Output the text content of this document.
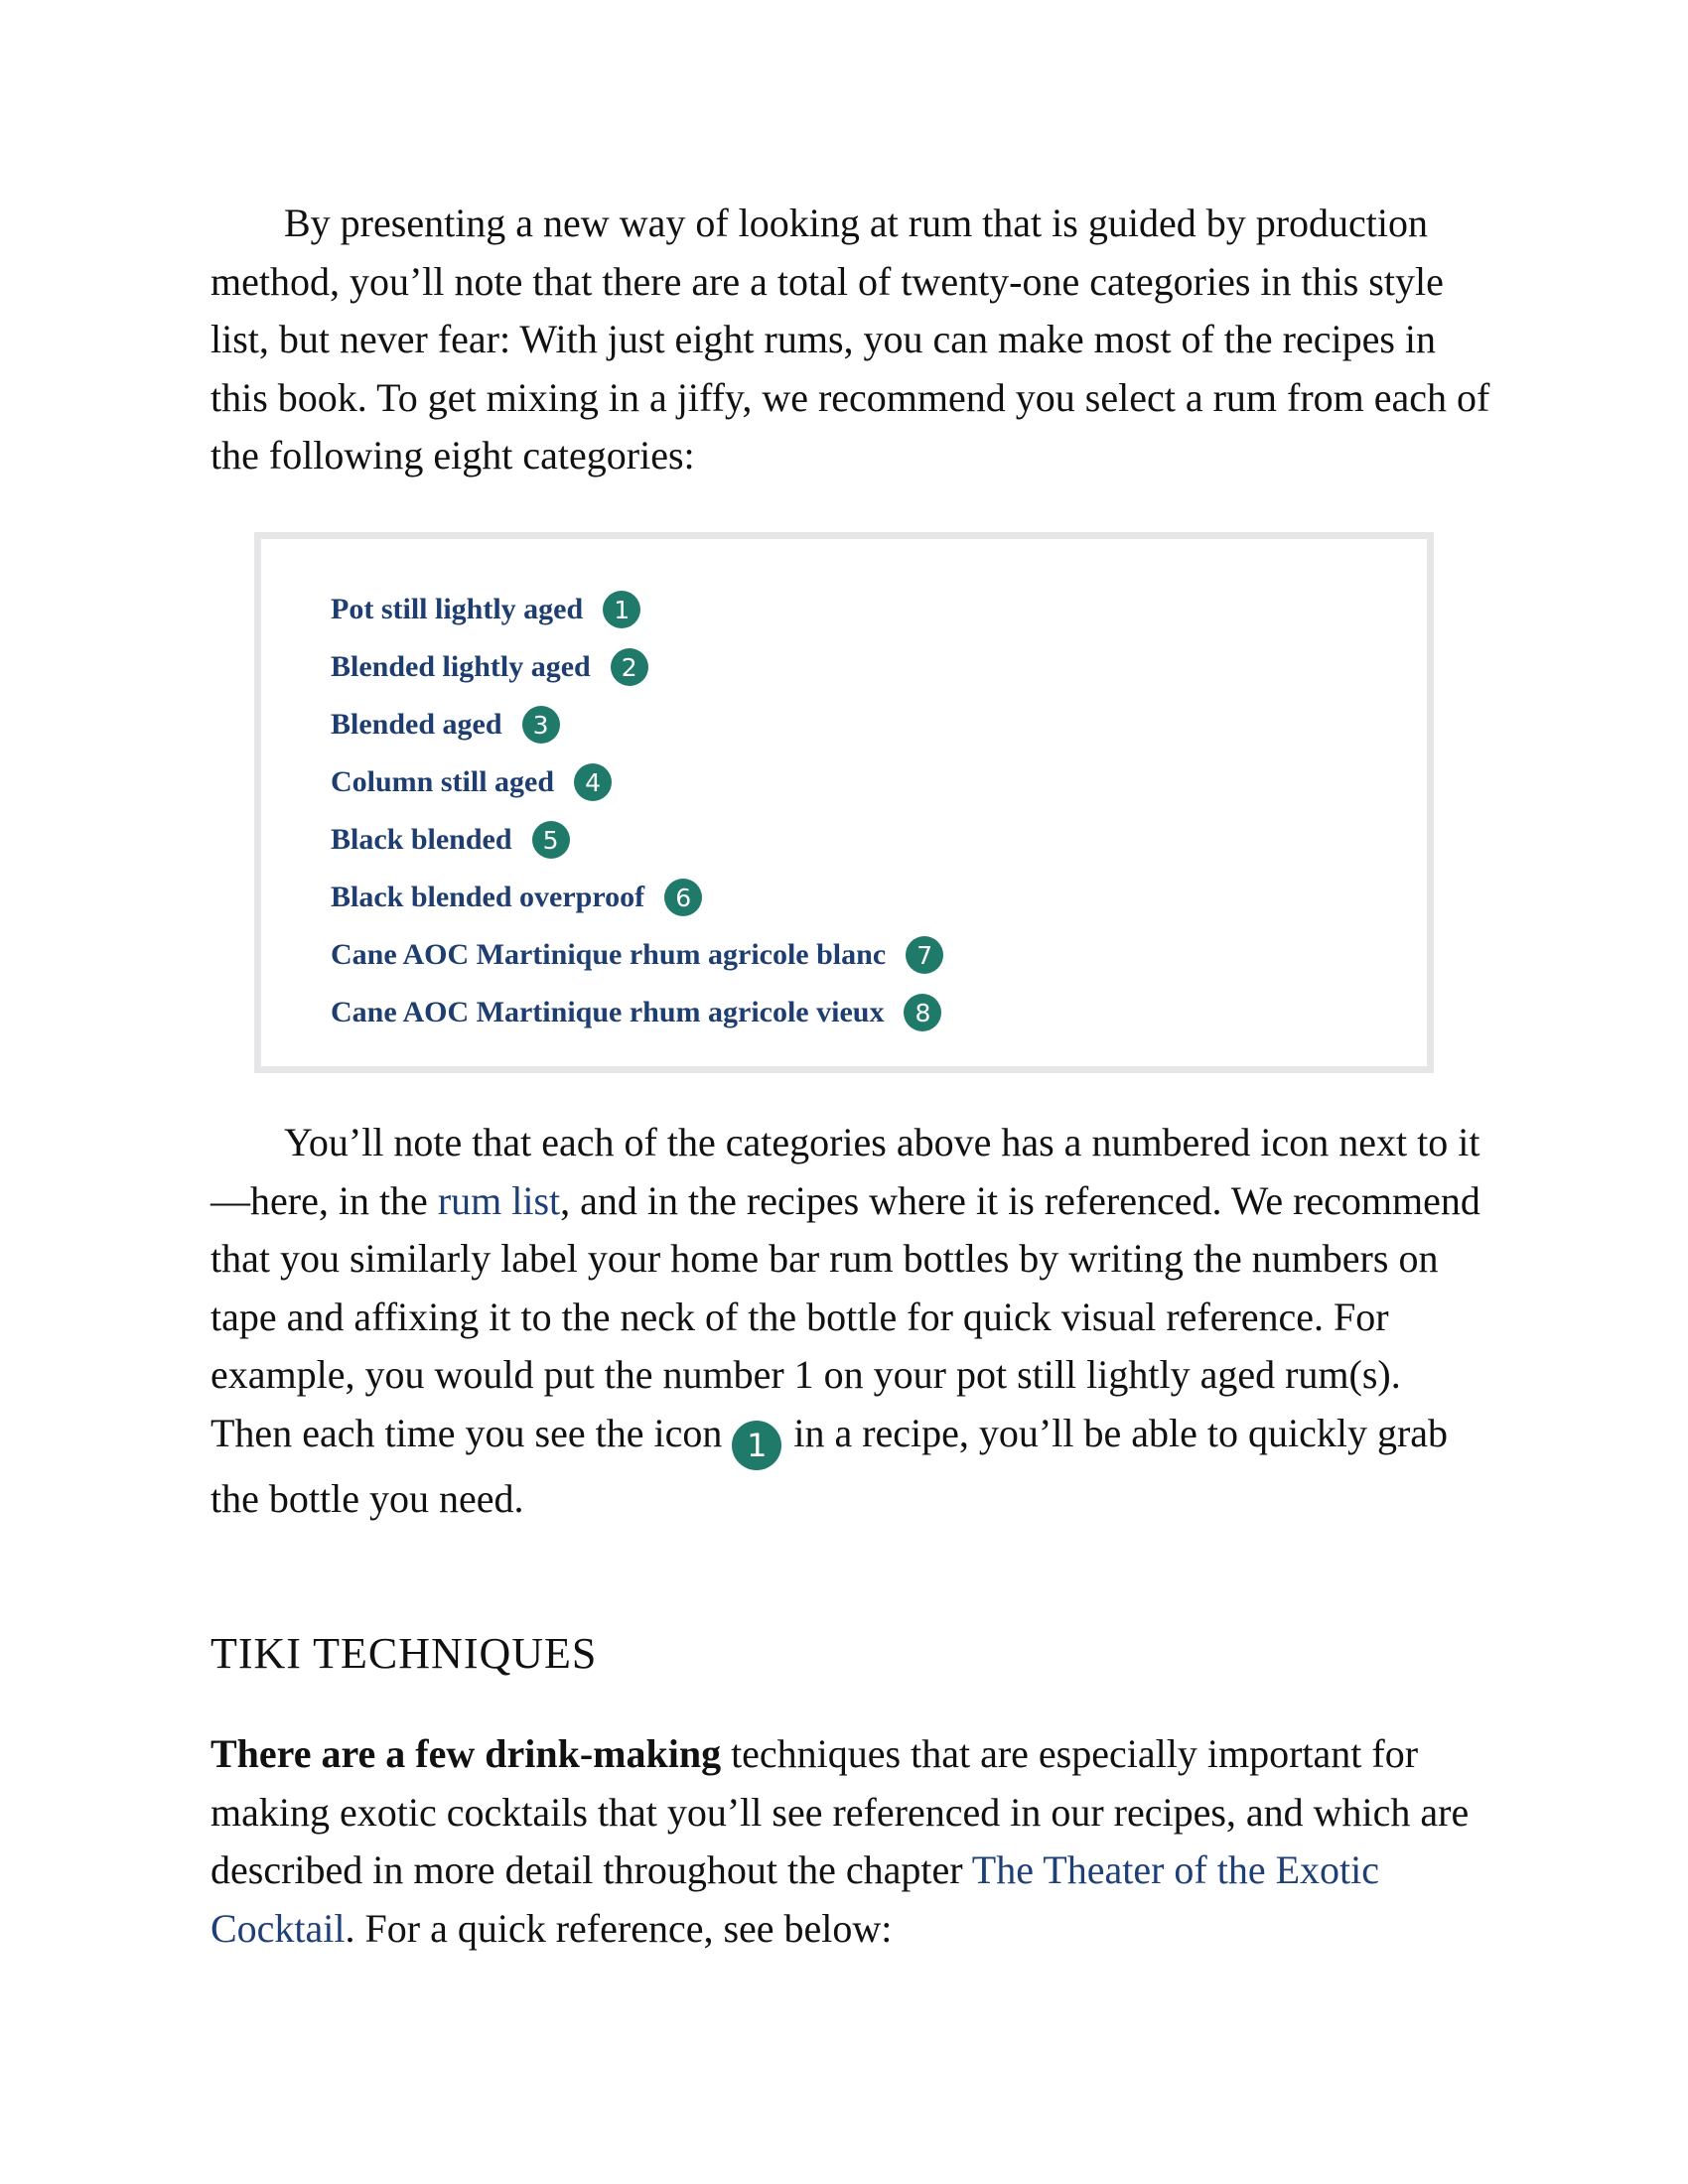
By presenting a new way of looking at rum that is guided by production method, you’ll note that there are a total of twenty-one categories in this style list, but never fear: With just eight rums, you can make most of the recipes in this book. To get mixing in a jiffy, we recommend you select a rum from each of the following eight categories:

Pot still lightly aged	1
Blended lightly aged	2
Blended aged	3
Column still aged	4
Black blended	5
Black blended overproof	6
Cane AOC Martinique rhum agricole blanc	7
Cane AOC Martinique rhum agricole vieux	8

You’ll note that each of the categories above has a numbered icon next to it—here, in the rum list, and in the recipes where it is referenced. We recommend that you similarly label your home bar rum bottles by writing the numbers on tape and affixing it to the neck of the bottle for quick visual reference. For example, you would put the number 1 on your pot still lightly aged rum(s). Then each time you see the icon 1 in a recipe, you’ll be able to quickly grab the bottle you need.

TIKI TECHNIQUES

There are a few drink-making techniques that are especially important for making exotic cocktails that you’ll see referenced in our recipes, and which are described in more detail throughout the chapter The Theater of the Exotic Cocktail. For a quick reference, see below:
